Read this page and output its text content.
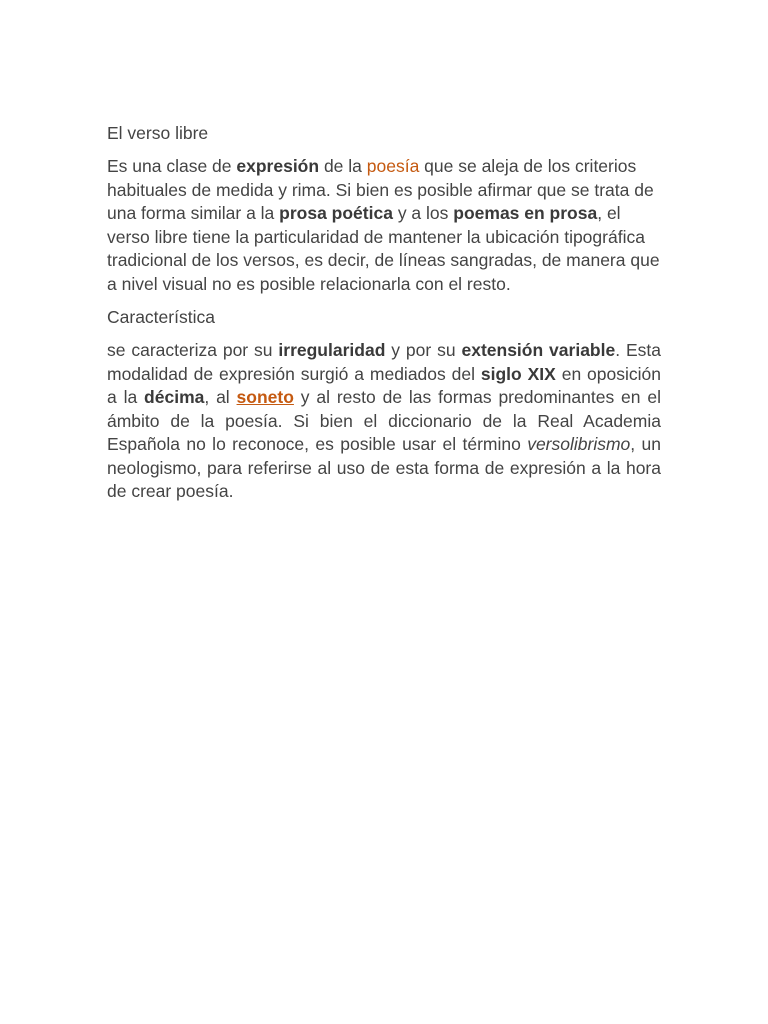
El verso libre

Es una clase de expresión de la poesía que se aleja de los criterios habituales de medida y rima. Si bien es posible afirmar que se trata de una forma similar a la prosa poética y a los poemas en prosa, el verso libre tiene la particularidad de mantener la ubicación tipográfica tradicional de los versos, es decir, de líneas sangradas, de manera que a nivel visual no es posible relacionarla con el resto.

Característica

se caracteriza por su irregularidad y por su extensión variable. Esta modalidad de expresión surgió a mediados del siglo XIX en oposición a la décima, al soneto y al resto de las formas predominantes en el ámbito de la poesía. Si bien el diccionario de la Real Academia Española no lo reconoce, es posible usar el término versolibrismo, un neologismo, para referirse al uso de esta forma de expresión a la hora de crear poesía.
